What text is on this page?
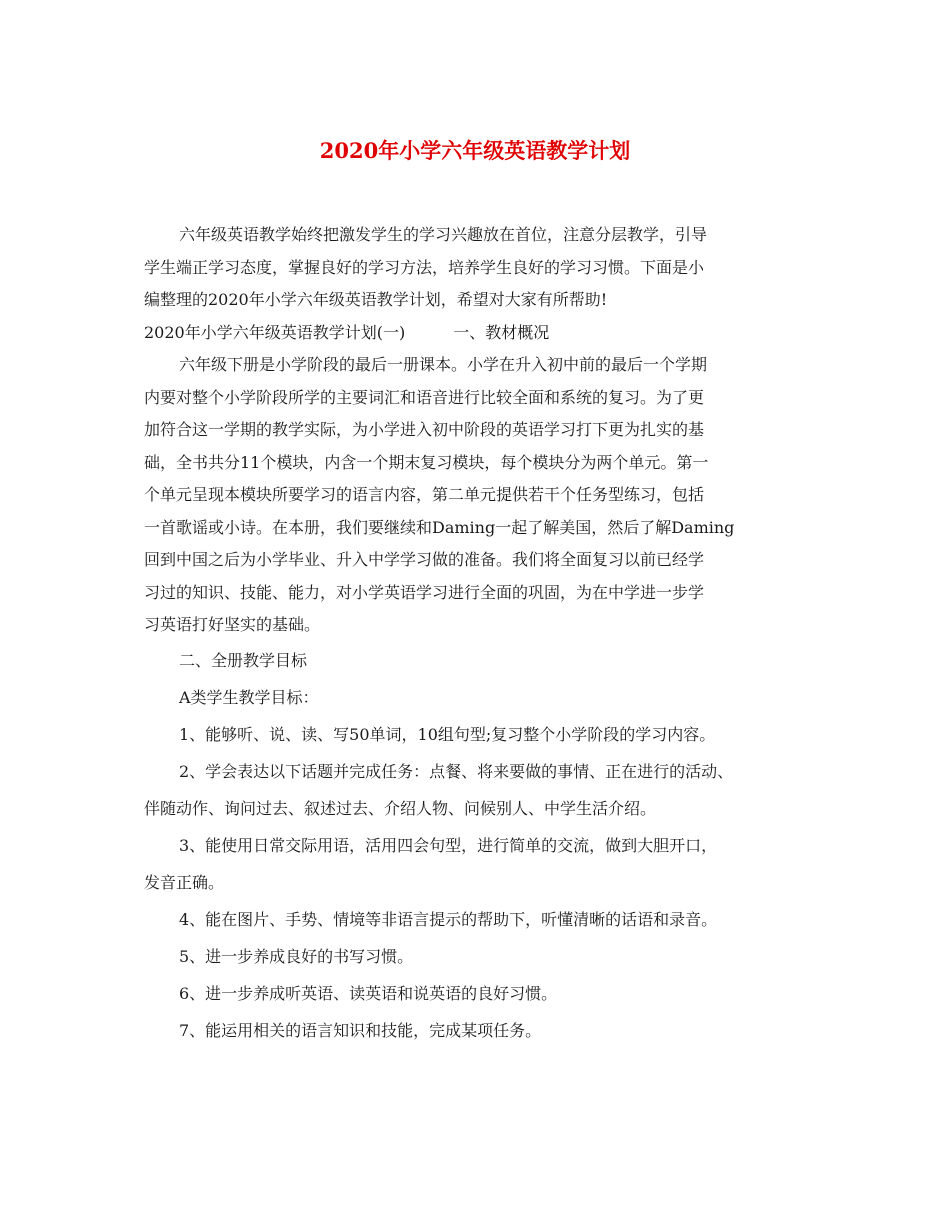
2020年小学六年级英语教学计划

六年级英语教学始终把激发学生的学习兴趣放在首位，注意分层教学，引导
学生端正学习态度，掌握良好的学习方法，培养学生良好的学习习惯。下面是小
编整理的2020年小学六年级英语教学计划，希望对大家有所帮助!

2020年小学六年级英语教学计划(一)	一、教材概况

六年级下册是小学阶段的最后一册课本。小学在升入初中前的最后一个学期
内要对整个小学阶段所学的主要词汇和语音进行比较全面和系统的复习。为了更
加符合这一学期的教学实际，为小学进入初中阶段的英语学习打下更为扎实的基
础，全书共分11个模块，内含一个期末复习模块，每个模块分为两个单元。第一
个单元呈现本模块所要学习的语言内容，第二单元提供若干个任务型练习，包括
一首歌谣或小诗。在本册，我们要继续和Daming一起了解美国，然后了解Daming
回到中国之后为小学毕业、升入中学学习做的准备。我们将全面复习以前已经学
习过的知识、技能、能力，对小学英语学习进行全面的巩固，为在中学进一步学
习英语打好坚实的基础。

二、全册教学目标

A类学生教学目标：

1、能够听、说、读、写50单词，10组句型;复习整个小学阶段的学习内容。

2、学会表达以下话题并完成任务：点餐、将来要做的事情、正在进行的活动、
伴随动作、询问过去、叙述过去、介绍人物、问候别人、中学生活介绍。

3、能使用日常交际用语，活用四会句型，进行简单的交流，做到大胆开口，
发音正确。

4、能在图片、手势、情境等非语言提示的帮助下，听懂清晰的话语和录音。

5、进一步养成良好的书写习惯。

6、进一步养成听英语、读英语和说英语的良好习惯。

7、能运用相关的语言知识和技能，完成某项任务。
